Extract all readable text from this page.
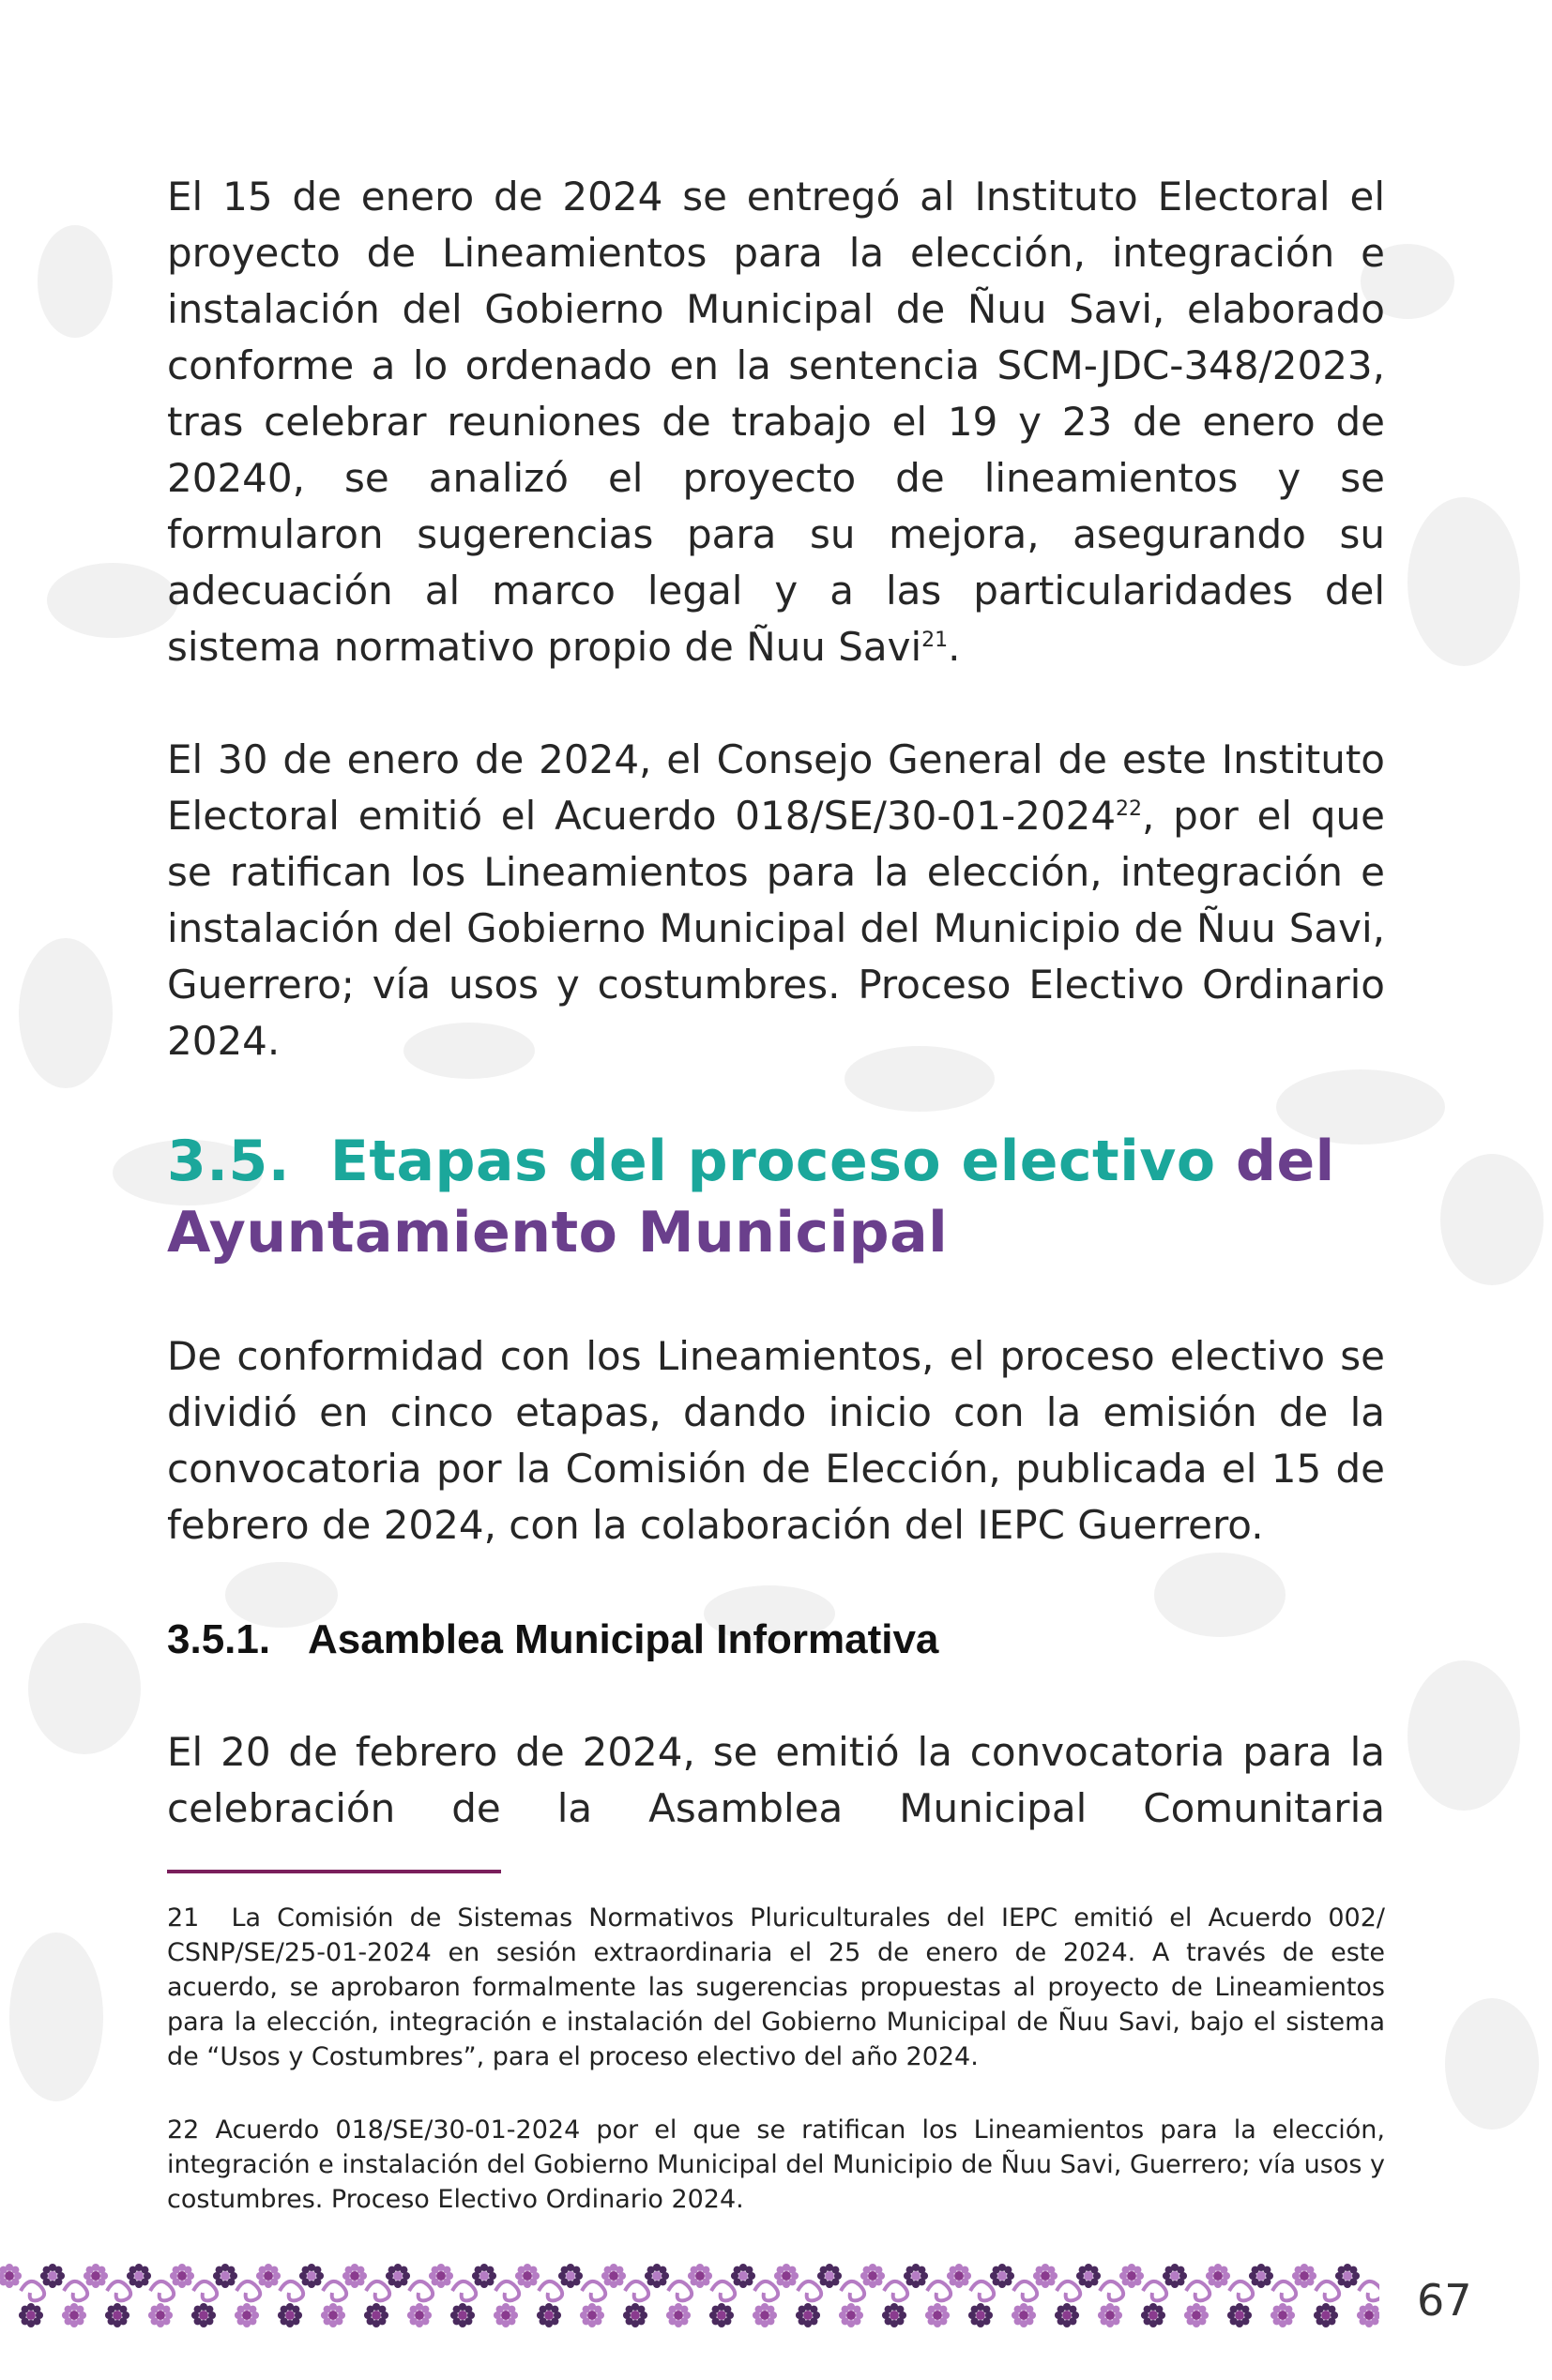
El 15 de enero de 2024 se entregó al Instituto Electoral el proyecto de Lineamientos para la elección, integración e instalación del Gobierno Municipal de Ñuu Savi, elaborado conforme a lo ordenado en la sentencia SCM-JDC-348/2023, tras celebrar reuniones de trabajo el 19 y 23 de enero de 20240, se analizó el proyecto de lineamientos y se formularon sugerencias para su mejora, asegurando su adecuación al marco legal y a las particularidades del sistema normativo propio de Ñuu Savi$^{21}$.

El 30 de enero de 2024, el Consejo General de este Instituto Electoral emitió el Acuerdo 018/SE/30-01-2024$^{22}$, por el que se ratifican los Lineamientos para la elección, integración e instalación del Gobierno Municipal del Municipio de Ñuu Savi, Guerrero; vía usos y costumbres. Proceso Electivo Ordinario 2024.

3.5. Etapas del proceso electivo del Ayuntamiento Municipal

De conformidad con los Lineamientos, el proceso electivo se dividió en cinco etapas, dando inicio con la emisión de la convocatoria por la Comisión de Elección, publicada el 15 de febrero de 2024, con la colaboración del IEPC Guerrero.

3.5.1. Asamblea Municipal Informativa

El 20 de febrero de 2024, se emitió la convocatoria para la celebración de la Asamblea Municipal Comunitaria

21 La Comisión de Sistemas Normativos Pluriculturales del IEPC emitió el Acuerdo 002/ CSNP/SE/25-01-2024 en sesión extraordinaria el 25 de enero de 2024. A través de este acuerdo, se aprobaron formalmente las sugerencias propuestas al proyecto de Lineamientos para la elección, integración e instalación del Gobierno Municipal de Ñuu Savi, bajo el sistema de “Usos y Costumbres”, para el proceso electivo del año 2024.

22 Acuerdo 018/SE/30-01-2024 por el que se ratifican los Lineamientos para la elección, integración e instalación del Gobierno Municipal del Municipio de Ñuu Savi, Guerrero; vía usos y costumbres. Proceso Electivo Ordinario 2024.

67
